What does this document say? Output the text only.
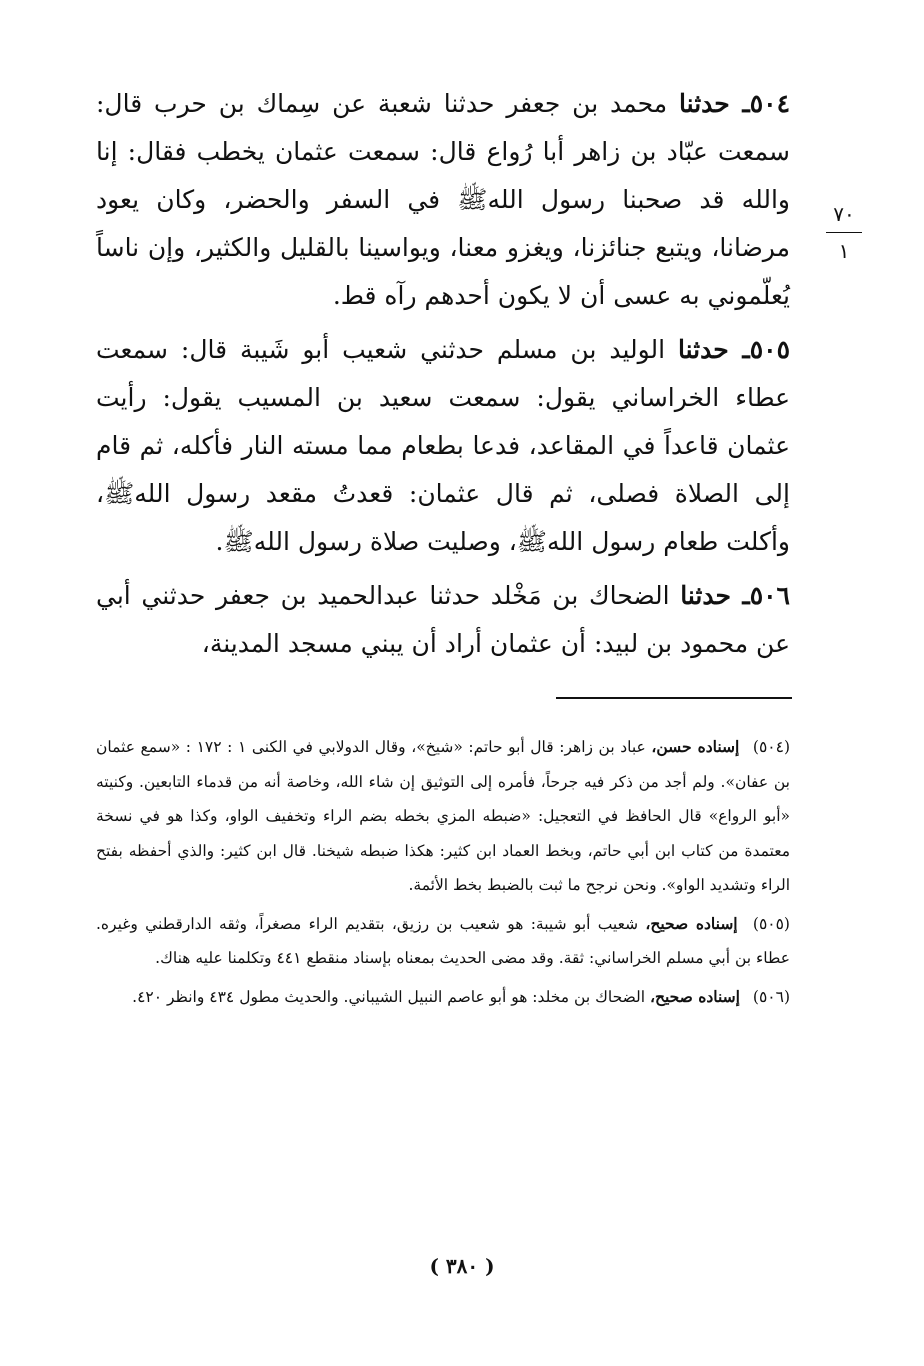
٥٠٤ـ حدثنا محمد بن جعفر حدثنا شعبة عن سِماك بن حرب قال: سمعت عبّاد بن زاهر أبا رُواع قال: سمعت عثمان يخطب فقال: إنا والله قد صحبنا رسول اللهﷺ في السفر والحضر، وكان يعود مرضانا، ويتبع جنائزنا، ويغزو معنا، ويواسينا بالقليل والكثير، وإن ناساً يُعلّموني به عسى أن لا يكون أحدهم رآه قط.

٥٠٥ـ حدثنا الوليد بن مسلم حدثني شعيب أبو شَيبة قال: سمعت عطاء الخراساني يقول: سمعت سعيد بن المسيب يقول: رأيت عثمان قاعداً في المقاعد، فدعا بطعام مما مسته النار فأكله، ثم قام إلى الصلاة فصلى، ثم قال عثمان: قعدتُ مقعد رسول اللهﷺ، وأكلت طعام رسول اللهﷺ، وصليت صلاة رسول اللهﷺ.

٥٠٦ـ حدثنا الضحاك بن مَخْلد حدثنا عبدالحميد بن جعفر حدثني أبي عن محمود بن لبيد: أن عثمان أراد أن يبني مسجد المدينة،

٧٠
١

(٥٠٤) إسناده حسن، عباد بن زاهر: قال أبو حاتم: «شيخ»، وقال الدولابي في الكنى ١ : ١٧٢ : «سمع عثمان بن عفان». ولم أجد من ذكر فيه جرحاً، فأمره إلى التوثيق إن شاء الله، وخاصة أنه من قدماء التابعين. وكنيته «أبو الرواع» قال الحافظ في التعجيل: «ضبطه المزي بخطه بضم الراء وتخفيف الواو، وكذا هو في نسخة معتمدة من كتاب ابن أبي حاتم، وبخط العماد ابن كثير: هكذا ضبطه شيخنا. قال ابن كثير: والذي أحفظه بفتح الراء وتشديد الواو». ونحن نرجح ما ثبت بالضبط بخط الأئمة.

(٥٠٥) إسناده صحيح، شعيب أبو شيبة: هو شعيب بن رزيق، بتقديم الراء مصغراً، وثقه الدارقطني وغيره. عطاء بن أبي مسلم الخراساني: ثقة. وقد مضى الحديث بمعناه بإسناد منقطع ٤٤١ وتكلمنا عليه هناك.

(٥٠٦) إسناده صحيح، الضحاك بن مخلد: هو أبو عاصم النبيل الشيباني. والحديث مطول ٤٣٤ وانظر ٤٢٠.

( ٣٨٠ )
